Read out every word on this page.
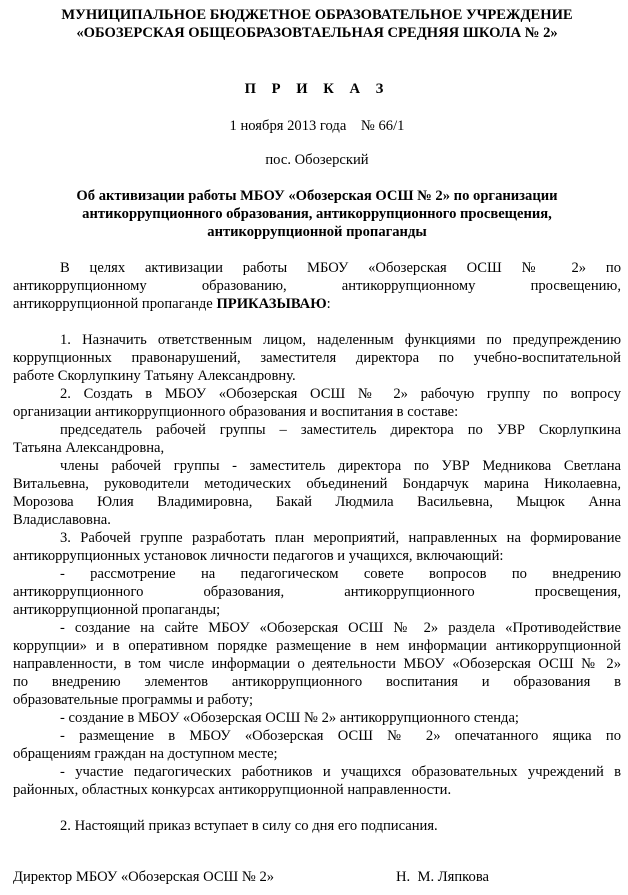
МУНИЦИПАЛЬНОЕ БЮДЖЕТНОЕ ОБРАЗОВАТЕЛЬНОЕ УЧРЕЖДЕНИЕ
«ОБОЗЕРСКАЯ ОБЩЕОБРАЗОВТАЕЛЬНАЯ СРЕДНЯЯ ШКОЛА № 2»
П Р И К А З
1 ноября 2013 года    № 66/1
пос. Обозерский
Об активизации работы МБОУ «Обозерская ОСШ № 2» по организации
антикоррупционного образования, антикоррупционного просвещения,
антикоррупционной пропаганды
В целях активизации работы МБОУ «Обозерская ОСШ № 2» по
антикоррупционному образованию, антикоррупционному просвещению,
антикоррупционной пропаганде ПРИКАЗЫВАЮ:
1. Назначить ответственным лицом, наделенным функциями по предупреждению
коррупционных правонарушений, заместителя директора по учебно-воспитательной
работе Скорлупкину Татьяну Александровну.
2. Создать в МБОУ «Обозерская ОСШ № 2» рабочую группу по вопросу
организации антикоррупционного образования и воспитания в составе:
председатель рабочей группы – заместитель директора по УВР Скорлупкина
Татьяна Александровна,
члены рабочей группы - заместитель директора по УВР Медникова Светлана
Витальевна, руководители методических объединений Бондарчук марина Николаевна,
Морозова Юлия Владимировна, Бакай Людмила Васильевна, Мыцюк Анна
Владиславовна.
3. Рабочей группе разработать план мероприятий, направленных на формирование
антикоррупционных установок личности педагогов и учащихся, включающий:
- рассмотрение на педагогическом совете вопросов по внедрению
антикоррупционного образования, антикоррупционного просвещения,
антикоррупционной пропаганды;
- создание на сайте МБОУ «Обозерская ОСШ № 2» раздела «Противодействие
коррупции» и в оперативном порядке размещение в нем информации антикоррупционной
направленности, в том числе информации о деятельности МБОУ «Обозерская ОСШ № 2»
по внедрению элементов антикоррупционного воспитания и образования в
образовательные программы и работу;
- создание в МБОУ «Обозерская ОСШ № 2» антикоррупционного стенда;
- размещение в МБОУ «Обозерская ОСШ № 2» опечатанного ящика по
обращениям граждан на доступном месте;
- участие педагогических работников и учащихся образовательных учреждений в
районных, областных конкурсах антикоррупционной направленности.
2. Настоящий приказ вступает в силу со дня его подписания.
Директор МБОУ «Обозерская ОСШ № 2»	Н.  М. Ляпкова
